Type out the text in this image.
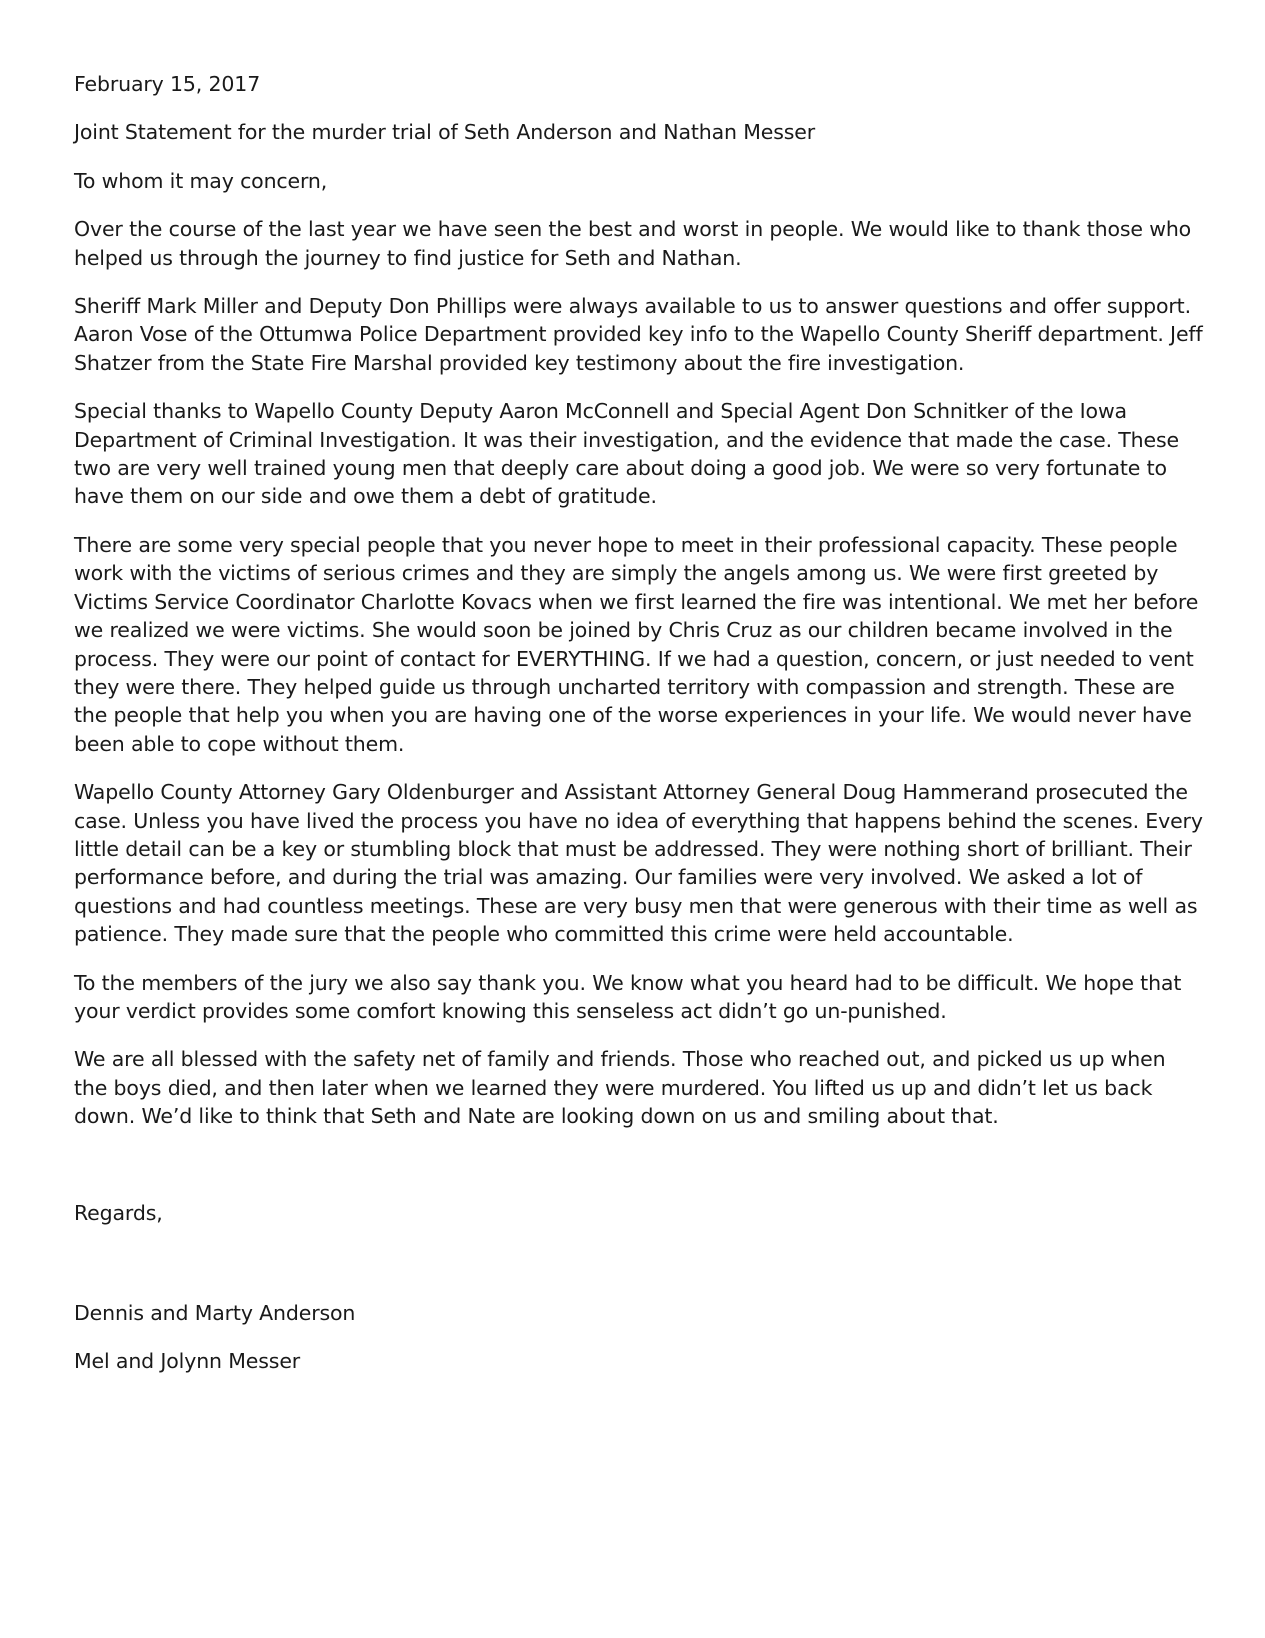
February 15, 2017

Joint Statement for the murder trial of Seth Anderson and Nathan Messer

To whom it may concern,

Over the course of the last year we have seen the best and worst in people. We would like to thank those who helped us through the journey to find justice for Seth and Nathan.

Sheriff Mark Miller and Deputy Don Phillips were always available to us to answer questions and offer support. Aaron Vose of the Ottumwa Police Department provided key info to the Wapello County Sheriff department. Jeff Shatzer from the State Fire Marshal provided key testimony about the fire investigation.

Special thanks to Wapello County Deputy Aaron McConnell and Special Agent Don Schnitker of the Iowa Department of Criminal Investigation. It was their investigation, and the evidence that made the case. These two are very well trained young men that deeply care about doing a good job. We were so very fortunate to have them on our side and owe them a debt of gratitude.

There are some very special people that you never hope to meet in their professional capacity. These people work with the victims of serious crimes and they are simply the angels among us. We were first greeted by Victims Service Coordinator Charlotte Kovacs when we first learned the fire was intentional. We met her before we realized we were victims. She would soon be joined by Chris Cruz as our children became involved in the process. They were our point of contact for EVERYTHING. If we had a question, concern, or just needed to vent they were there. They helped guide us through uncharted territory with compassion and strength. These are the people that help you when you are having one of the worse experiences in your life. We would never have been able to cope without them.

Wapello County Attorney Gary Oldenburger and Assistant Attorney General Doug Hammerand prosecuted the case. Unless you have lived the process you have no idea of everything that happens behind the scenes. Every little detail can be a key or stumbling block that must be addressed. They were nothing short of brilliant. Their performance before, and during the trial was amazing. Our families were very involved. We asked a lot of questions and had countless meetings. These are very busy men that were generous with their time as well as patience. They made sure that the people who committed this crime were held accountable.

To the members of the jury we also say thank you. We know what you heard had to be difficult. We hope that your verdict provides some comfort knowing this senseless act didn’t go un-punished.

We are all blessed with the safety net of family and friends. Those who reached out, and picked us up when the boys died, and then later when we learned they were murdered. You lifted us up and didn’t let us back down. We’d like to think that Seth and Nate are looking down on us and smiling about that.

Regards,

Dennis and Marty Anderson

Mel and Jolynn Messer
